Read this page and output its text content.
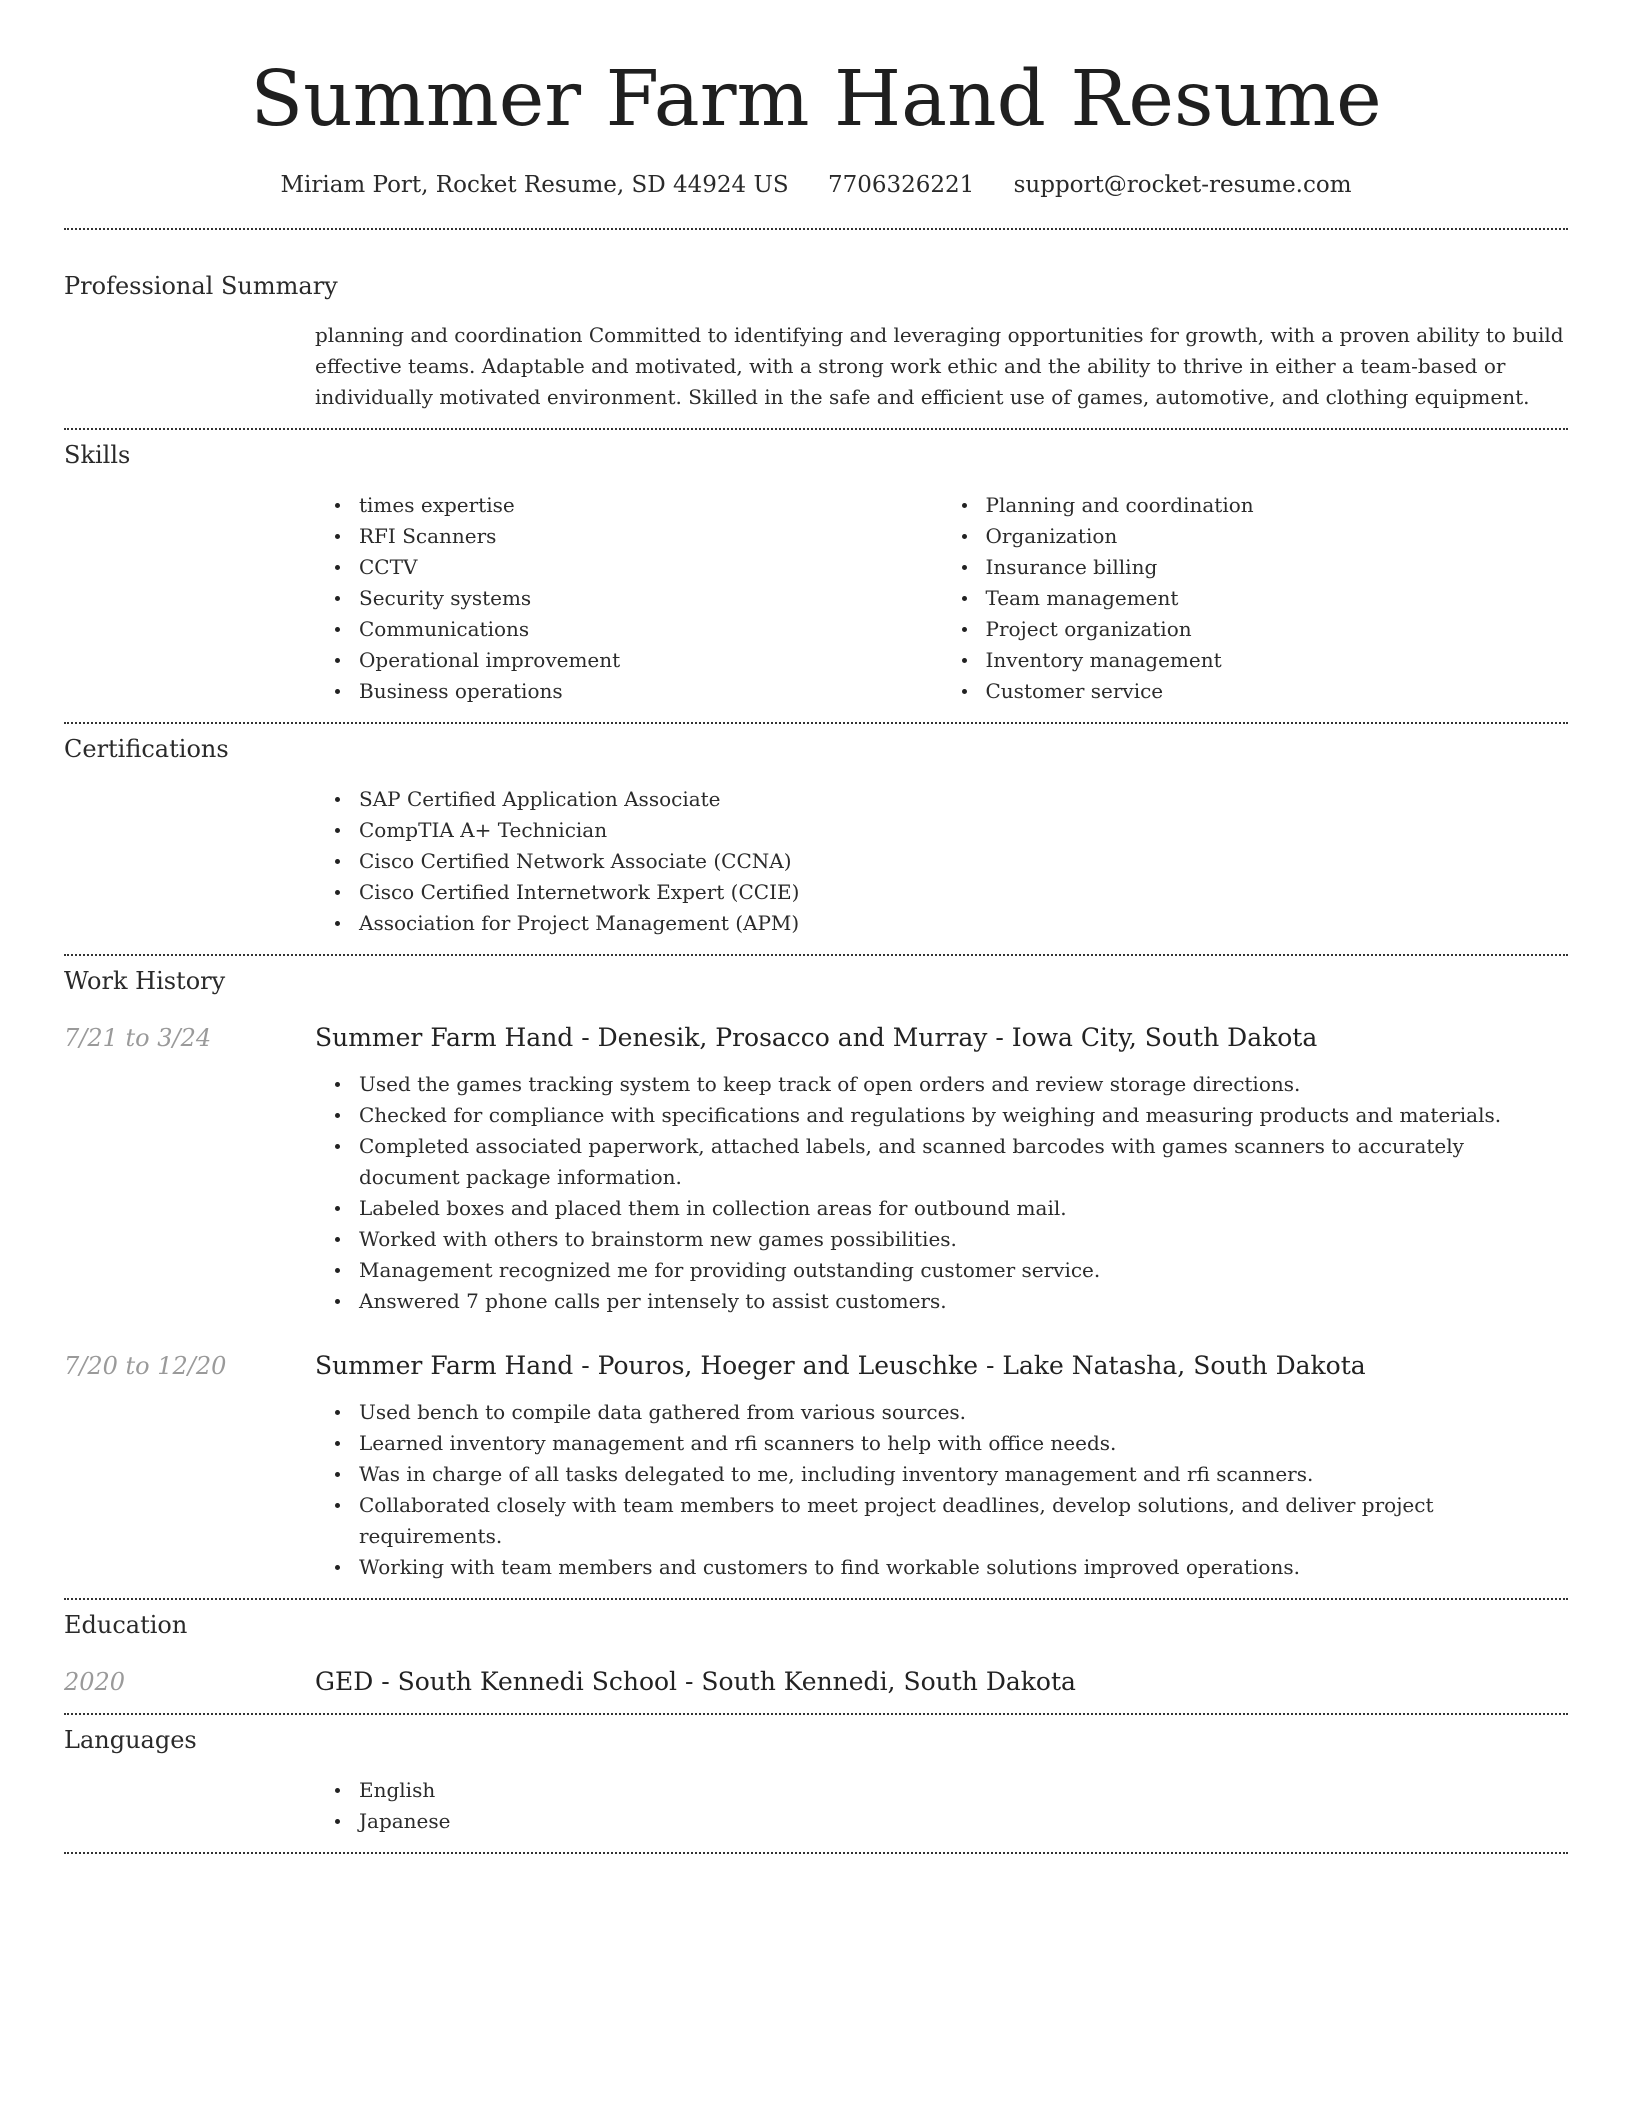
Summer Farm Hand Resume
Miriam Port, Rocket Resume, SD 44924 US 7706326221 support@rocket-resume.com
Professional Summary

planning and coordination Committed to identifying and leveraging opportunities for growth, with a proven ability to build effective teams. Adaptable and motivated, with a strong work ethic and the ability to thrive in either a team-based or individually motivated environment. Skilled in the safe and efficient use of games, automotive, and clothing equipment.

Skills
times expertise
RFI Scanners
CCTV
Security systems
Communications
Operational improvement
Business operations
Planning and coordination
Organization
Insurance billing
Team management
Project organization
Inventory management
Customer service
Certifications
SAP Certified Application Associate
CompTIA A+ Technician
Cisco Certified Network Associate (CCNA)
Cisco Certified Internetwork Expert (CCIE)
Association for Project Management (APM)
Work History
7/21 to 3/24	Summer Farm Hand - Denesik, Prosacco and Murray - Iowa City, South Dakota
Used the games tracking system to keep track of open orders and review storage directions.
Checked for compliance with specifications and regulations by weighing and measuring products and materials.
Completed associated paperwork, attached labels, and scanned barcodes with games scanners to accurately document package information.
Labeled boxes and placed them in collection areas for outbound mail.
Worked with others to brainstorm new games possibilities.
Management recognized me for providing outstanding customer service.
Answered 7 phone calls per intensely to assist customers.
7/20 to 12/20	Summer Farm Hand - Pouros, Hoeger and Leuschke - Lake Natasha, South Dakota
Used bench to compile data gathered from various sources.
Learned inventory management and rfi scanners to help with office needs.
Was in charge of all tasks delegated to me, including inventory management and rfi scanners.
Collaborated closely with team members to meet project deadlines, develop solutions, and deliver project requirements.
Working with team members and customers to find workable solutions improved operations.
Education
2020	GED - South Kennedi School - South Kennedi, South Dakota
Languages
English
Japanese
